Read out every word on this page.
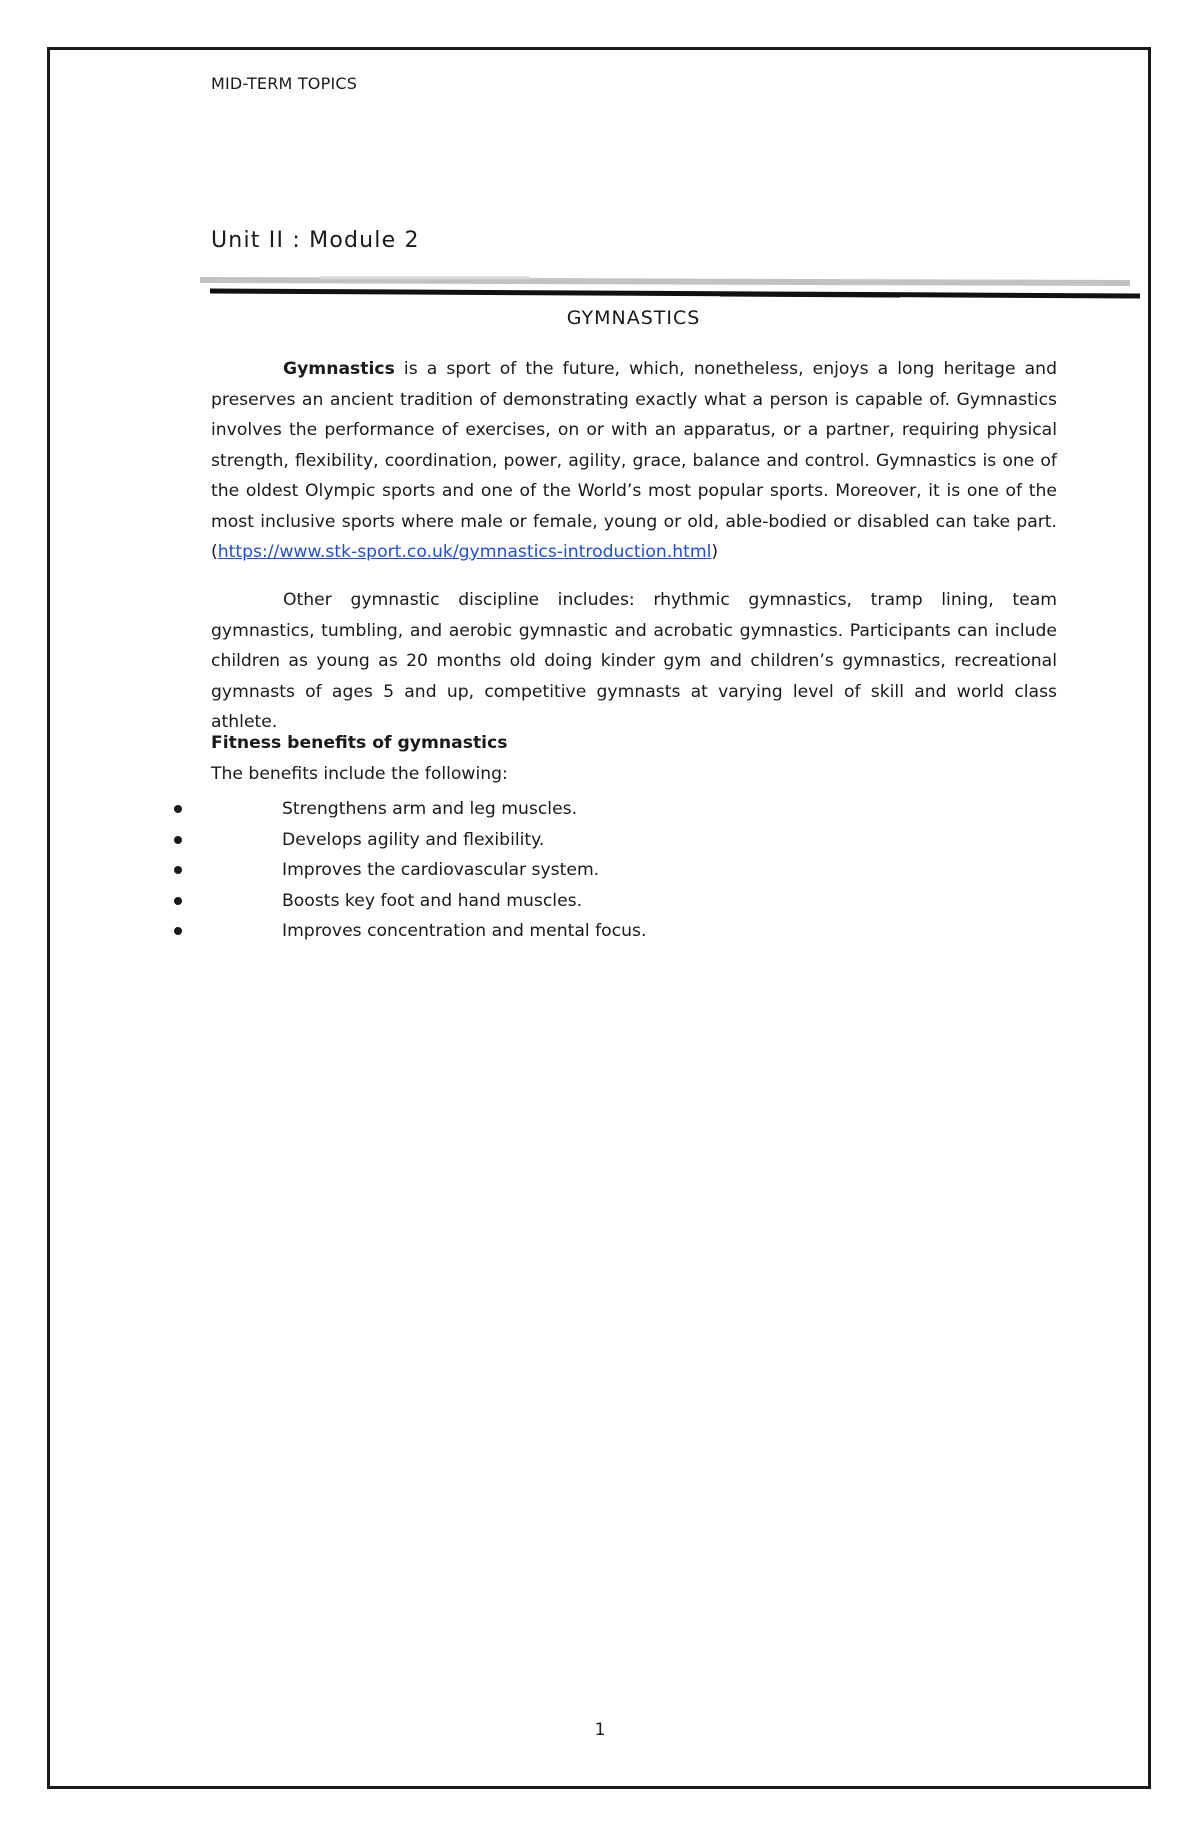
MID-TERM TOPICS
Unit II : Module 2
GYMNASTICS
Gymnastics is a sport of the future, which, nonetheless, enjoys a long heritage and preserves an ancient tradition of demonstrating exactly what a person is capable of. Gymnastics involves the performance of exercises, on or with an apparatus, or a partner, requiring physical strength, flexibility, coordination, power, agility, grace, balance and control. Gymnastics is one of the oldest Olympic sports and one of the World’s most popular sports. Moreover, it is one of the most inclusive sports where male or female, young or old, able-bodied or disabled can take part. (https://www.stk-sport.co.uk/gymnastics-introduction.html)
Other gymnastic discipline includes: rhythmic gymnastics, tramp lining, team gymnastics, tumbling, and aerobic gymnastic and acrobatic gymnastics. Participants can include children as young as 20 months old doing kinder gym and children’s gymnastics, recreational gymnasts of ages 5 and up, competitive gymnasts at varying level of skill and world class athlete.
Fitness benefits of gymnastics
The benefits include the following:
Strengthens arm and leg muscles.
Develops agility and flexibility.
Improves the cardiovascular system.
Boosts key foot and hand muscles.
Improves concentration and mental focus.
1
